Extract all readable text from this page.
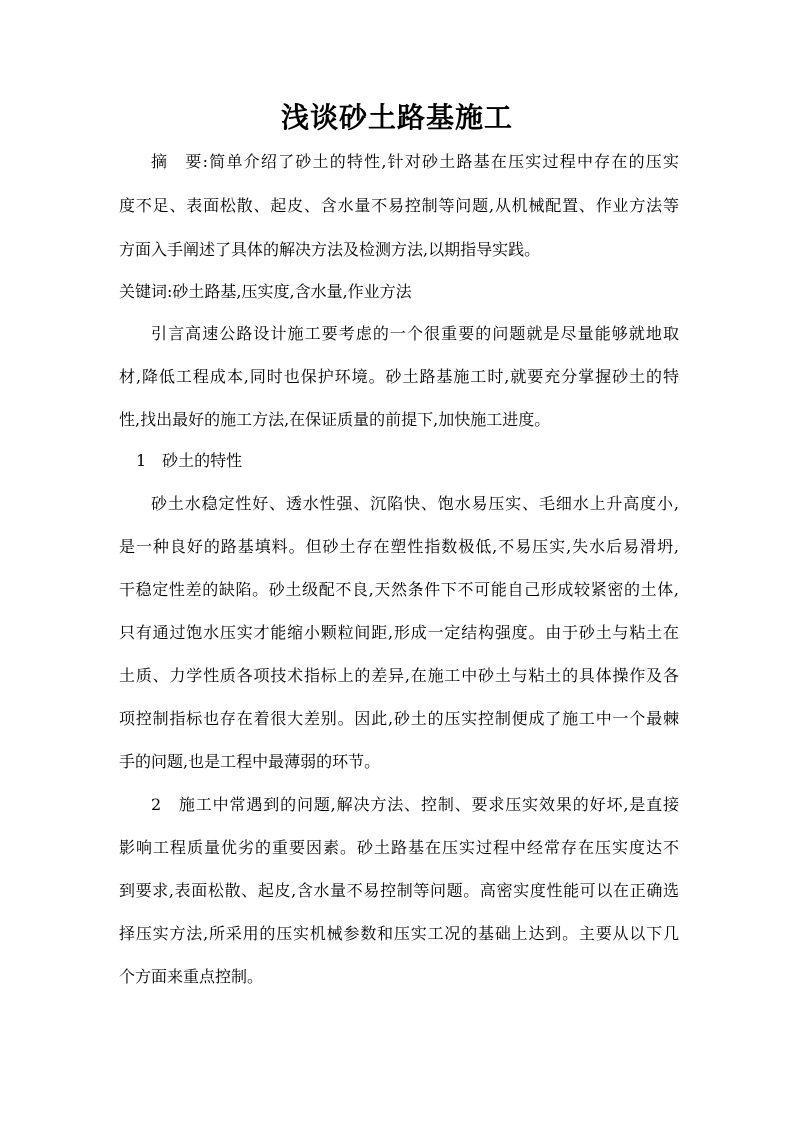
浅谈砂土路基施工
摘　要:简单介绍了砂土的特性,针对砂土路基在压实过程中存在的压实
度不足、表面松散、起皮、含水量不易控制等问题,从机械配置、作业方法等
方面入手阐述了具体的解决方法及检测方法,以期指导实践。
关键词:砂土路基,压实度,含水量,作业方法
引言高速公路设计施工要考虑的一个很重要的问题就是尽量能够就地取
材,降低工程成本,同时也保护环境。砂土路基施工时,就要充分掌握砂土的特
性,找出最好的施工方法,在保证质量的前提下,加快施工进度。
1　砂土的特性
砂土水稳定性好、透水性强、沉陷快、饱水易压实、毛细水上升高度小,
是一种良好的路基填料。但砂土存在塑性指数极低,不易压实,失水后易滑坍,
干稳定性差的缺陷。砂土级配不良,天然条件下不可能自己形成较紧密的土体,
只有通过饱水压实才能缩小颗粒间距,形成一定结构强度。由于砂土与粘土在
土质、力学性质各项技术指标上的差异,在施工中砂土与粘土的具体操作及各
项控制指标也存在着很大差别。因此,砂土的压实控制便成了施工中一个最棘
手的问题,也是工程中最薄弱的环节。
2　施工中常遇到的问题,解决方法、控制、要求压实效果的好坏,是直接
影响工程质量优劣的重要因素。砂土路基在压实过程中经常存在压实度达不
到要求,表面松散、起皮,含水量不易控制等问题。高密实度性能可以在正确选
择压实方法,所采用的压实机械参数和压实工况的基础上达到。主要从以下几
个方面来重点控制。
